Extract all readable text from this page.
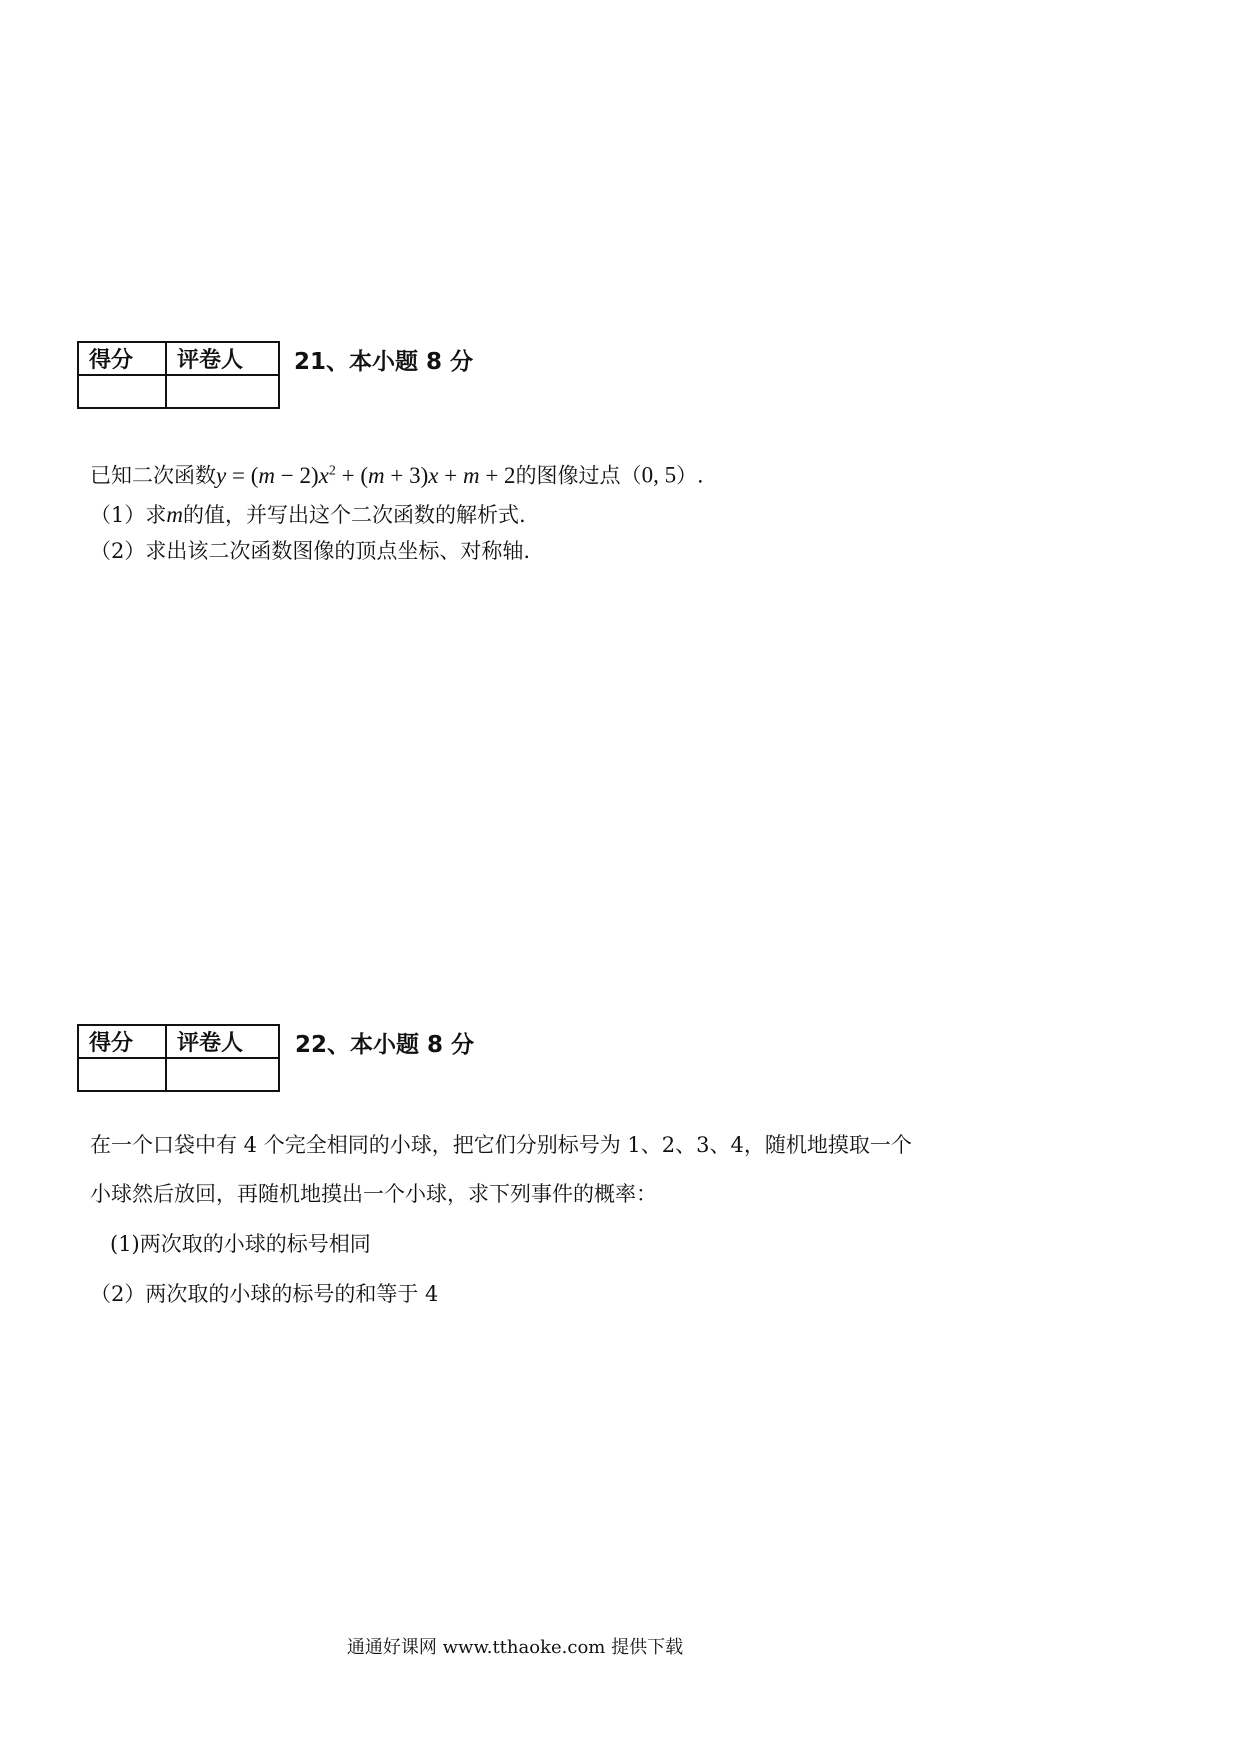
得分	评卷人
	21、本小题 8 分
已知二次函数$y = (m - 2)x^2 + (m + 3)x + m + 2$的图像过点（0, 5）.
（1）求m的值，并写出这个二次函数的解析式.
（2）求出该二次函数图像的顶点坐标、对称轴.
得分	评卷人
	22、本小题 8 分
在一个口袋中有 4 个完全相同的小球，把它们分别标号为 1、2、3、4，随机地摸取一个
小球然后放回，再随机地摸出一个小球，求下列事件的概率：
(1)两次取的小球的标号相同
（2）两次取的小球的标号的和等于 4
通通好课网 www.tthaoke.com 提供下载
